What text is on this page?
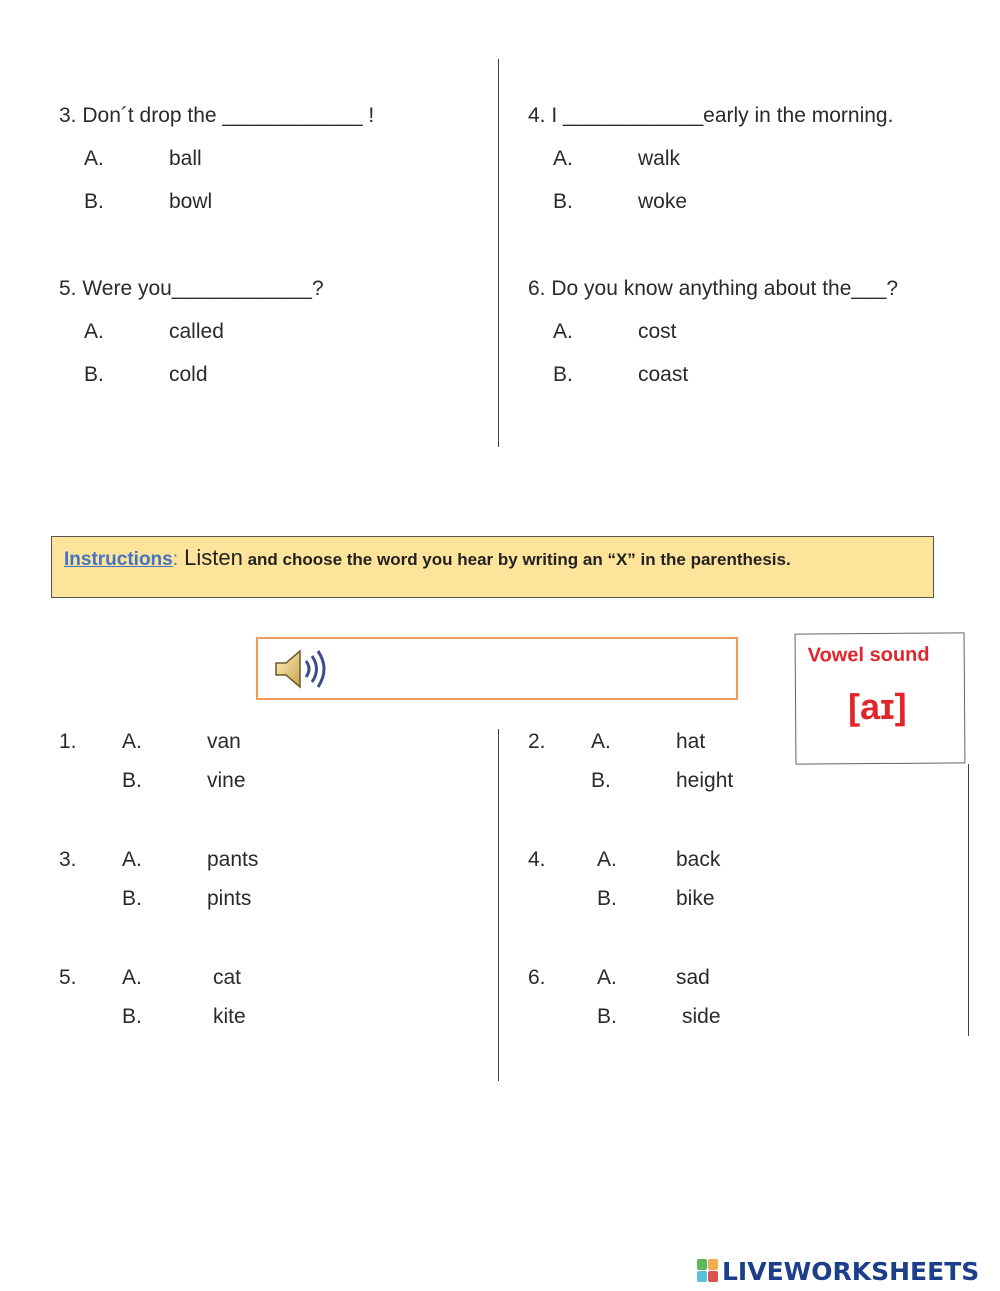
3. Don´t drop the ____________ !
A.	ball
B.	bowl
4. I ____________early in the morning.
A.	walk
B.	woke
5. Were you____________?
A.	called
B.	cold
6. Do you know anything about the___?
A.	cost
B.	coast
Instructions: Listen and choose the word you hear by writing an “X” in the parenthesis.
Vowel sound
[aɪ]
1. A.	van
B.	vine
2. A.	hat
B.	height
3. A.	pants
B.	pints
4. A.	back
B.	bike
5. A.	cat
B.	kite
6. A.	sad
B.	side
LIVEWORKSHEETS
